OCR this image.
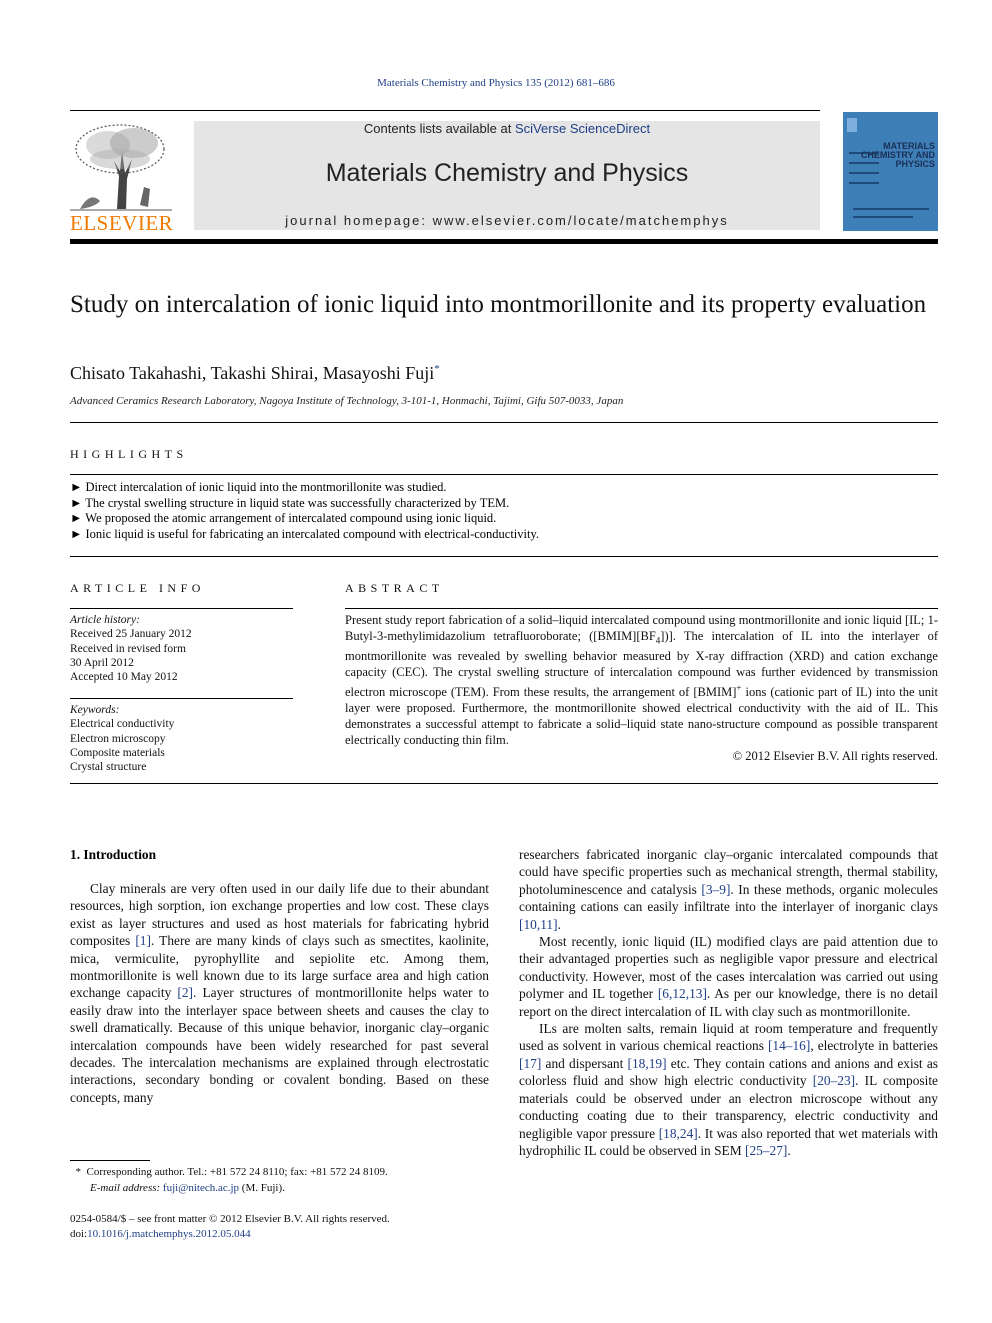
Materials Chemistry and Physics 135 (2012) 681–686
ELSEVIER
Contents lists available at SciVerse ScienceDirect
Materials Chemistry and Physics
journal homepage: www.elsevier.com/locate/matchemphys
MATERIALS CHEMISTRY AND PHYSICS
Study on intercalation of ionic liquid into montmorillonite and its property evaluation
Chisato Takahashi, Takashi Shirai, Masayoshi Fuji*
Advanced Ceramics Research Laboratory, Nagoya Institute of Technology, 3-101-1, Honmachi, Tajimi, Gifu 507-0033, Japan
HIGHLIGHTS
► Direct intercalation of ionic liquid into the montmorillonite was studied.
► The crystal swelling structure in liquid state was successfully characterized by TEM.
► We proposed the atomic arrangement of intercalated compound using ionic liquid.
► Ionic liquid is useful for fabricating an intercalated compound with electrical-conductivity.
ARTICLE INFO
Article history:
Received 25 January 2012
Received in revised form
30 April 2012
Accepted 10 May 2012
Keywords:
Electrical conductivity
Electron microscopy
Composite materials
Crystal structure
ABSTRACT
Present study report fabrication of a solid–liquid intercalated compound using montmorillonite and ionic liquid [IL; 1-Butyl-3-methylimidazolium tetrafluoroborate; $([BMIM][BF_4])$]. The intercalation of IL into the interlayer of montmorillonite was revealed by swelling behavior measured by X-ray diffraction (XRD) and cation exchange capacity (CEC). The crystal swelling structure of intercalation compound was further evidenced by transmission electron microscope (TEM). From these results, the arrangement of [BMIM]+ ions (cationic part of IL) into the unit layer were proposed. Furthermore, the montmorillonite showed electrical conductivity with the aid of IL. This demonstrates a successful attempt to fabricate a solid–liquid state nano-structure compound as possible transparent electrically conducting thin film.
© 2012 Elsevier B.V. All rights reserved.
1. Introduction

Clay minerals are very often used in our daily life due to their abundant resources, high sorption, ion exchange properties and low cost. These clays exist as layer structures and used as host materials for fabricating hybrid composites [1]. There are many kinds of clays such as smectites, kaolinite, mica, vermiculite, pyrophyllite and sepiolite etc. Among them, montmorillonite is well known due to its large surface area and high cation exchange capacity [2]. Layer structures of montmorillonite helps water to easily draw into the interlayer space between sheets and causes the clay to swell dramatically. Because of this unique behavior, inorganic clay–organic intercalation compounds have been widely researched for past several decades. The intercalation mechanisms are explained through electrostatic interactions, secondary bonding or covalent bonding. Based on these concepts, many

researchers fabricated inorganic clay–organic intercalated compounds that could have specific properties such as mechanical strength, thermal stability, photoluminescence and catalysis [3–9]. In these methods, organic molecules containing cations can easily infiltrate into the interlayer of inorganic clays [10,11].

Most recently, ionic liquid (IL) modified clays are paid attention due to their advantaged properties such as negligible vapor pressure and electrical conductivity. However, most of the cases intercalation was carried out using polymer and IL together [6,12,13]. As per our knowledge, there is no detail report on the direct intercalation of IL with clay such as montmorillonite.

ILs are molten salts, remain liquid at room temperature and frequently used as solvent in various chemical reactions [14–16], electrolyte in batteries [17] and dispersant [18,19] etc. They contain cations and anions and exist as colorless fluid and show high electric conductivity [20–23]. IL composite materials could be observed under an electron microscope without any conducting coating due to their transparency, electric conductivity and negligible vapor pressure [18,24]. It was also reported that wet materials with hydrophilic IL could be observed in SEM [25–27].

* Corresponding author. Tel.: +81 572 24 8110; fax: +81 572 24 8109.
E-mail address: fuji@nitech.ac.jp (M. Fuji).
0254-0584/$ – see front matter © 2012 Elsevier B.V. All rights reserved.
doi:10.1016/j.matchemphys.2012.05.044
